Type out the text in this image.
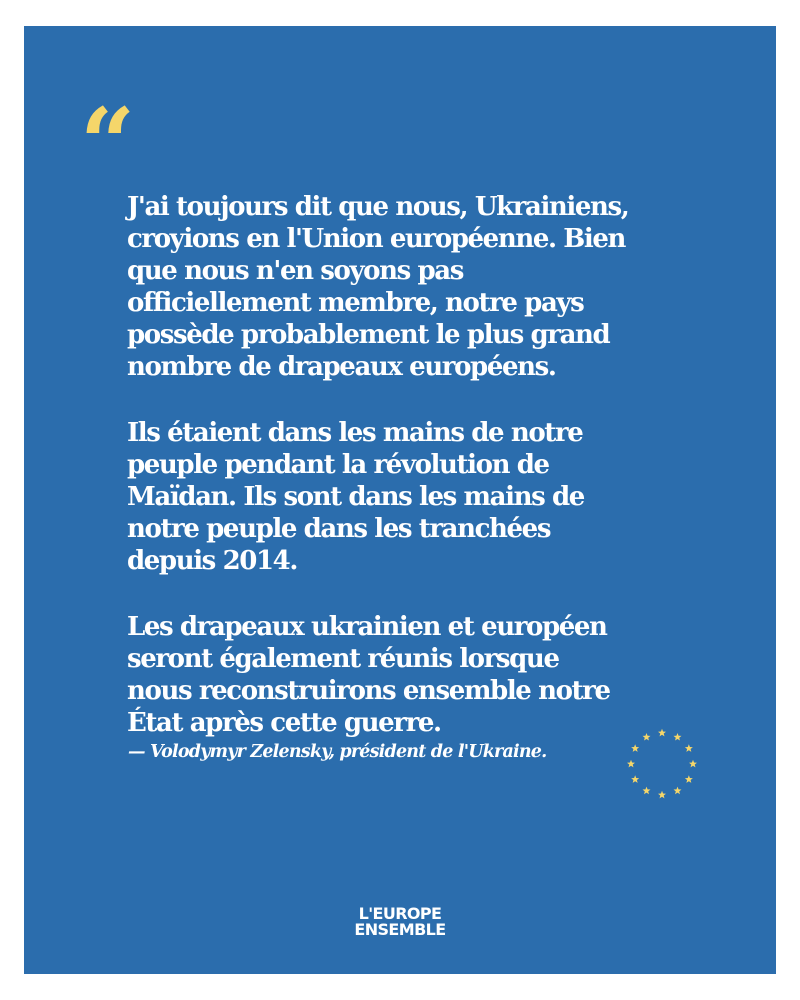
“

J'ai toujours dit que nous, Ukrainiens,
croyions en l'Union européenne. Bien
que nous n'en soyons pas
officiellement membre, notre pays
possède probablement le plus grand
nombre de drapeaux européens.

Ils étaient dans les mains de notre
peuple pendant la révolution de
Maïdan. Ils sont dans les mains de
notre peuple dans les tranchées
depuis 2014.

Les drapeaux ukrainien et européen
seront également réunis lorsque
nous reconstruirons ensemble notre
État après cette guerre.

— Volodymyr Zelensky, président de l'Ukraine.
L'EUROPE
ENSEMBLE
